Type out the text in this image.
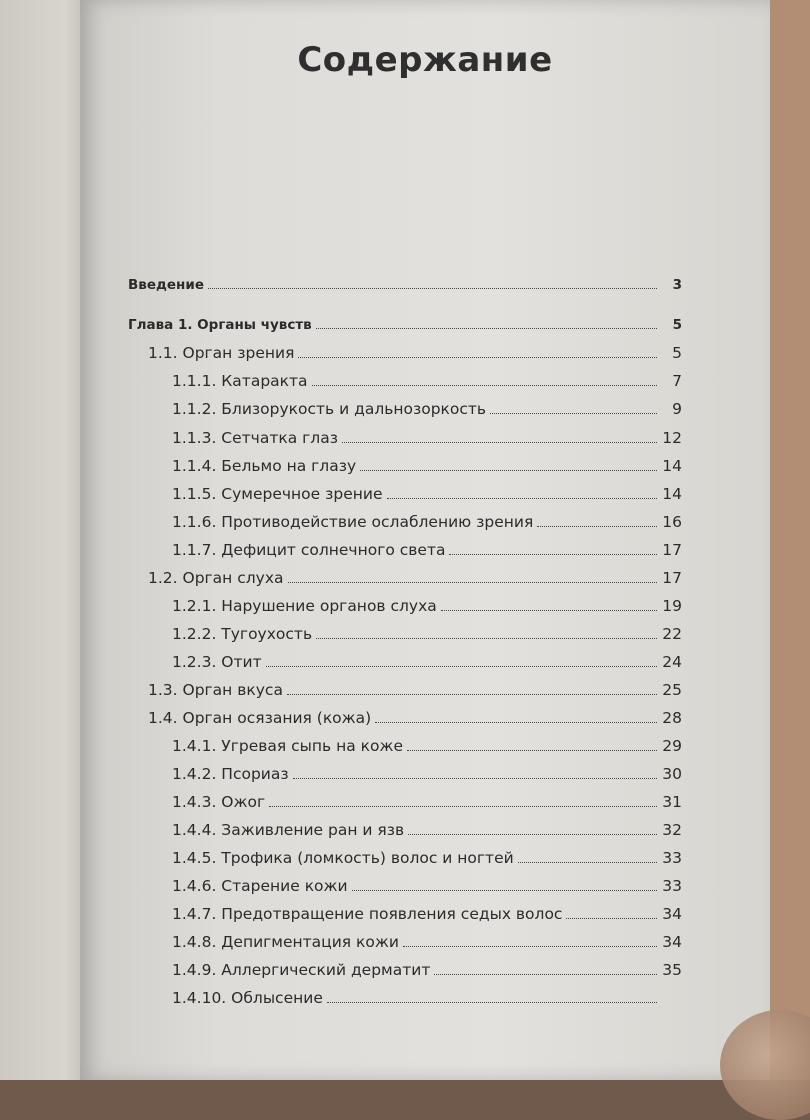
Содержание
Введение	3
Глава 1. Органы чувств	5
1.1. Орган зрения	5
1.1.1. Катаракта	7
1.1.2. Близорукость и дальнозоркость	9
1.1.3. Сетчатка глаз	12
1.1.4. Бельмо на глазу	14
1.1.5. Сумеречное зрение	14
1.1.6. Противодействие ослаблению зрения	16
1.1.7. Дефицит солнечного света	17
1.2. Орган слуха	17
1.2.1. Нарушение органов слуха	19
1.2.2. Тугоухость	22
1.2.3. Отит	24
1.3. Орган вкуса	25
1.4. Орган осязания (кожа)	28
1.4.1. Угревая сыпь на коже	29
1.4.2. Псориаз	30
1.4.3. Ожог	31
1.4.4. Заживление ран и язв	32
1.4.5. Трофика (ломкость) волос и ногтей	33
1.4.6. Старение кожи	33
1.4.7. Предотвращение появления седых волос	34
1.4.8. Депигментация кожи	34
1.4.9. Аллергический дерматит	35
1.4.10. Облысение
